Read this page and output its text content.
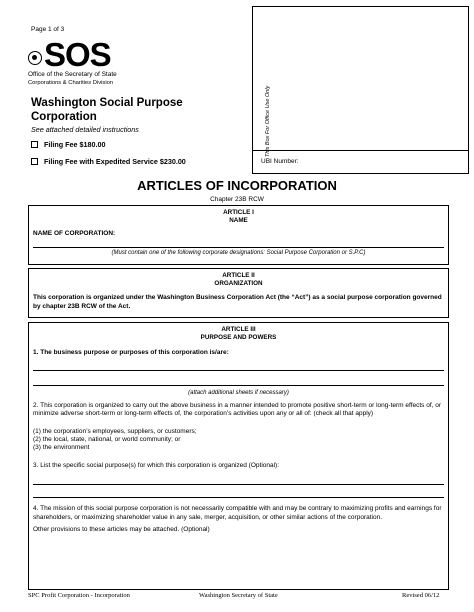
Page 1 of 3
SOS
Office of the Secretary of State
Corporations & Charities Division
Washington Social Purpose
Corporation
See attached detailed instructions
Filing Fee $180.00
Filing Fee with Expedited Service $230.00
This Box For Office Use Only
UBI Number:
ARTICLES OF INCORPORATION
Chapter 23B RCW
ARTICLE I
NAME
NAME OF CORPORATION:
(Must contain one of the following corporate designations: Social Purpose Corporation or S.P.C)
ARTICLE II
ORGANIZATION
This corporation is organized under the Washington Business Corporation Act (the “Act”) as a social purpose corporation governed by chapter 23B RCW of the Act.
ARTICLE III
PURPOSE AND POWERS
1. The business purpose or purposes of this corporation is/are:
(attach additional sheets if necessary)
2. This corporation is organized to carry out the above business in a manner intended to promote positive short-term or long-term effects of, or minimize adverse short-term or long-term effects of, the corporation’s activities upon any or all of: (check all that apply)
(1) the corporation’s employees, suppliers, or customers;
(2) the local, state, national, or world community; or
(3) the environment
3. List the specific social purpose(s) for which this corporation is organized (Optional):
4. The mission of this social purpose corporation is not necessarily compatible with and may be contrary to maximizing profits and earnings for shareholders, or maximizing shareholder value in any sale, merger, acquisition, or other similar actions of the corporation.
Other provisions to these articles may be attached. (Optional)
SPC Profit Corporation - Incorporation	Washington Secretary of State	Revised 06/12
